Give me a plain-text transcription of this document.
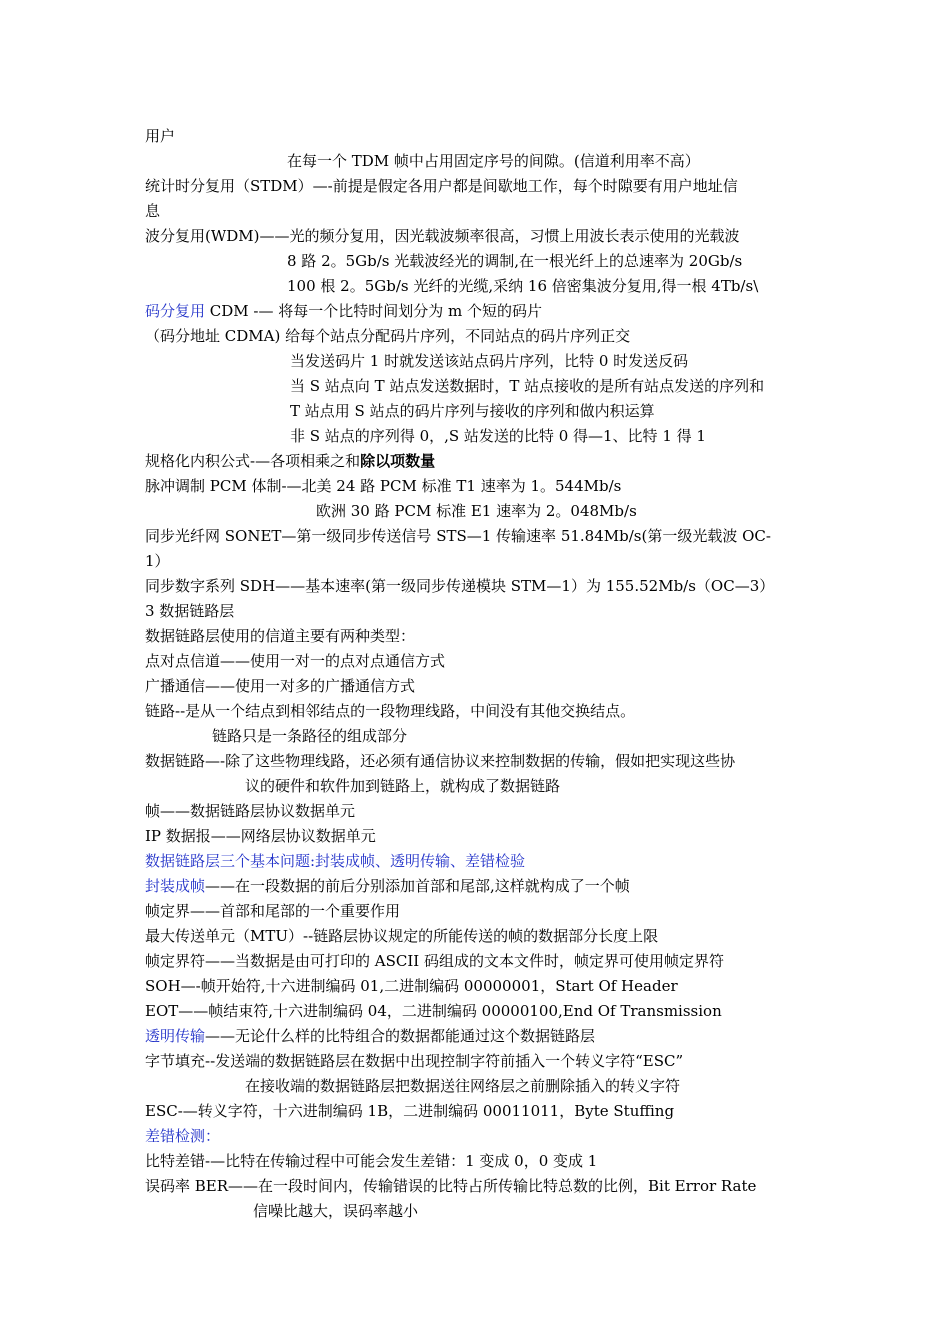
用户
在每一个 TDM 帧中占用固定序号的间隙。(信道利用率不高）
统计时分复用（STDM）—-前提是假定各用户都是间歇地工作，每个时隙要有用户地址信
息
波分复用(WDM)——光的频分复用，因光载波频率很高，习惯上用波长表示使用的光载波
8 路 2。5Gb/s 光载波经光的调制,在一根光纤上的总速率为 20Gb/s
100 根 2。5Gb/s 光纤的光缆,采纳 16 倍密集波分复用,得一根 4Tb/s\
码分复用 CDM -— 将每一个比特时间划分为 m 个短的码片
（码分地址 CDMA) 给每个站点分配码片序列，不同站点的码片序列正交
当发送码片 1 时就发送该站点码片序列，比特 0 时发送反码
当 S 站点向 T 站点发送数据时，T 站点接收的是所有站点发送的序列和
T 站点用 S 站点的码片序列与接收的序列和做内积运算
非 S 站点的序列得 0，,S 站发送的比特 0 得—1、比特 1 得 1
规格化内积公式-—各项相乘之和除以项数量
脉冲调制 PCM 体制-—北美 24 路 PCM 标准 T1 速率为 1。544Mb/s
欧洲 30 路 PCM 标准 E1 速率为 2。048Mb/s
同步光纤网 SONET—第一级同步传送信号 STS—1 传输速率 51.84Mb/s(第一级光载波 OC-
1）
同步数字系列 SDH——基本速率(第一级同步传递模块 STM—1）为 155.52Mb/s（OC—3）
3 数据链路层
数据链路层使用的信道主要有两种类型：
点对点信道——使用一对一的点对点通信方式
广播通信——使用一对多的广播通信方式
链路--是从一个结点到相邻结点的一段物理线路，中间没有其他交换结点。
链路只是一条路径的组成部分
数据链路—-除了这些物理线路，还必须有通信协议来控制数据的传输，假如把实现这些协
议的硬件和软件加到链路上，就构成了数据链路
帧——数据链路层协议数据单元
IP 数据报——网络层协议数据单元
数据链路层三个基本问题:封装成帧、透明传输、差错检验
封装成帧——在一段数据的前后分别添加首部和尾部,这样就构成了一个帧
帧定界——首部和尾部的一个重要作用
最大传送单元（MTU）--链路层协议规定的所能传送的帧的数据部分长度上限
帧定界符——当数据是由可打印的 ASCII 码组成的文本文件时，帧定界可使用帧定界符
SOH—-帧开始符,十六进制编码 01,二进制编码 00000001，Start Of Header
EOT——帧结束符,十六进制编码 04，二进制编码 00000100,End Of Transmission
透明传输——无论什么样的比特组合的数据都能通过这个数据链路层
字节填充--发送端的数据链路层在数据中出现控制字符前插入一个转义字符“ESC”
在接收端的数据链路层把数据送往网络层之前删除插入的转义字符
ESC-—转义字符，十六进制编码 1B，二进制编码 00011011，Byte Stuffing
差错检测：
比特差错-—比特在传输过程中可能会发生差错：1 变成 0，0 变成 1
误码率 BER——在一段时间内，传输错误的比特占所传输比特总数的比例，Bit Error Rate
信噪比越大，误码率越小
